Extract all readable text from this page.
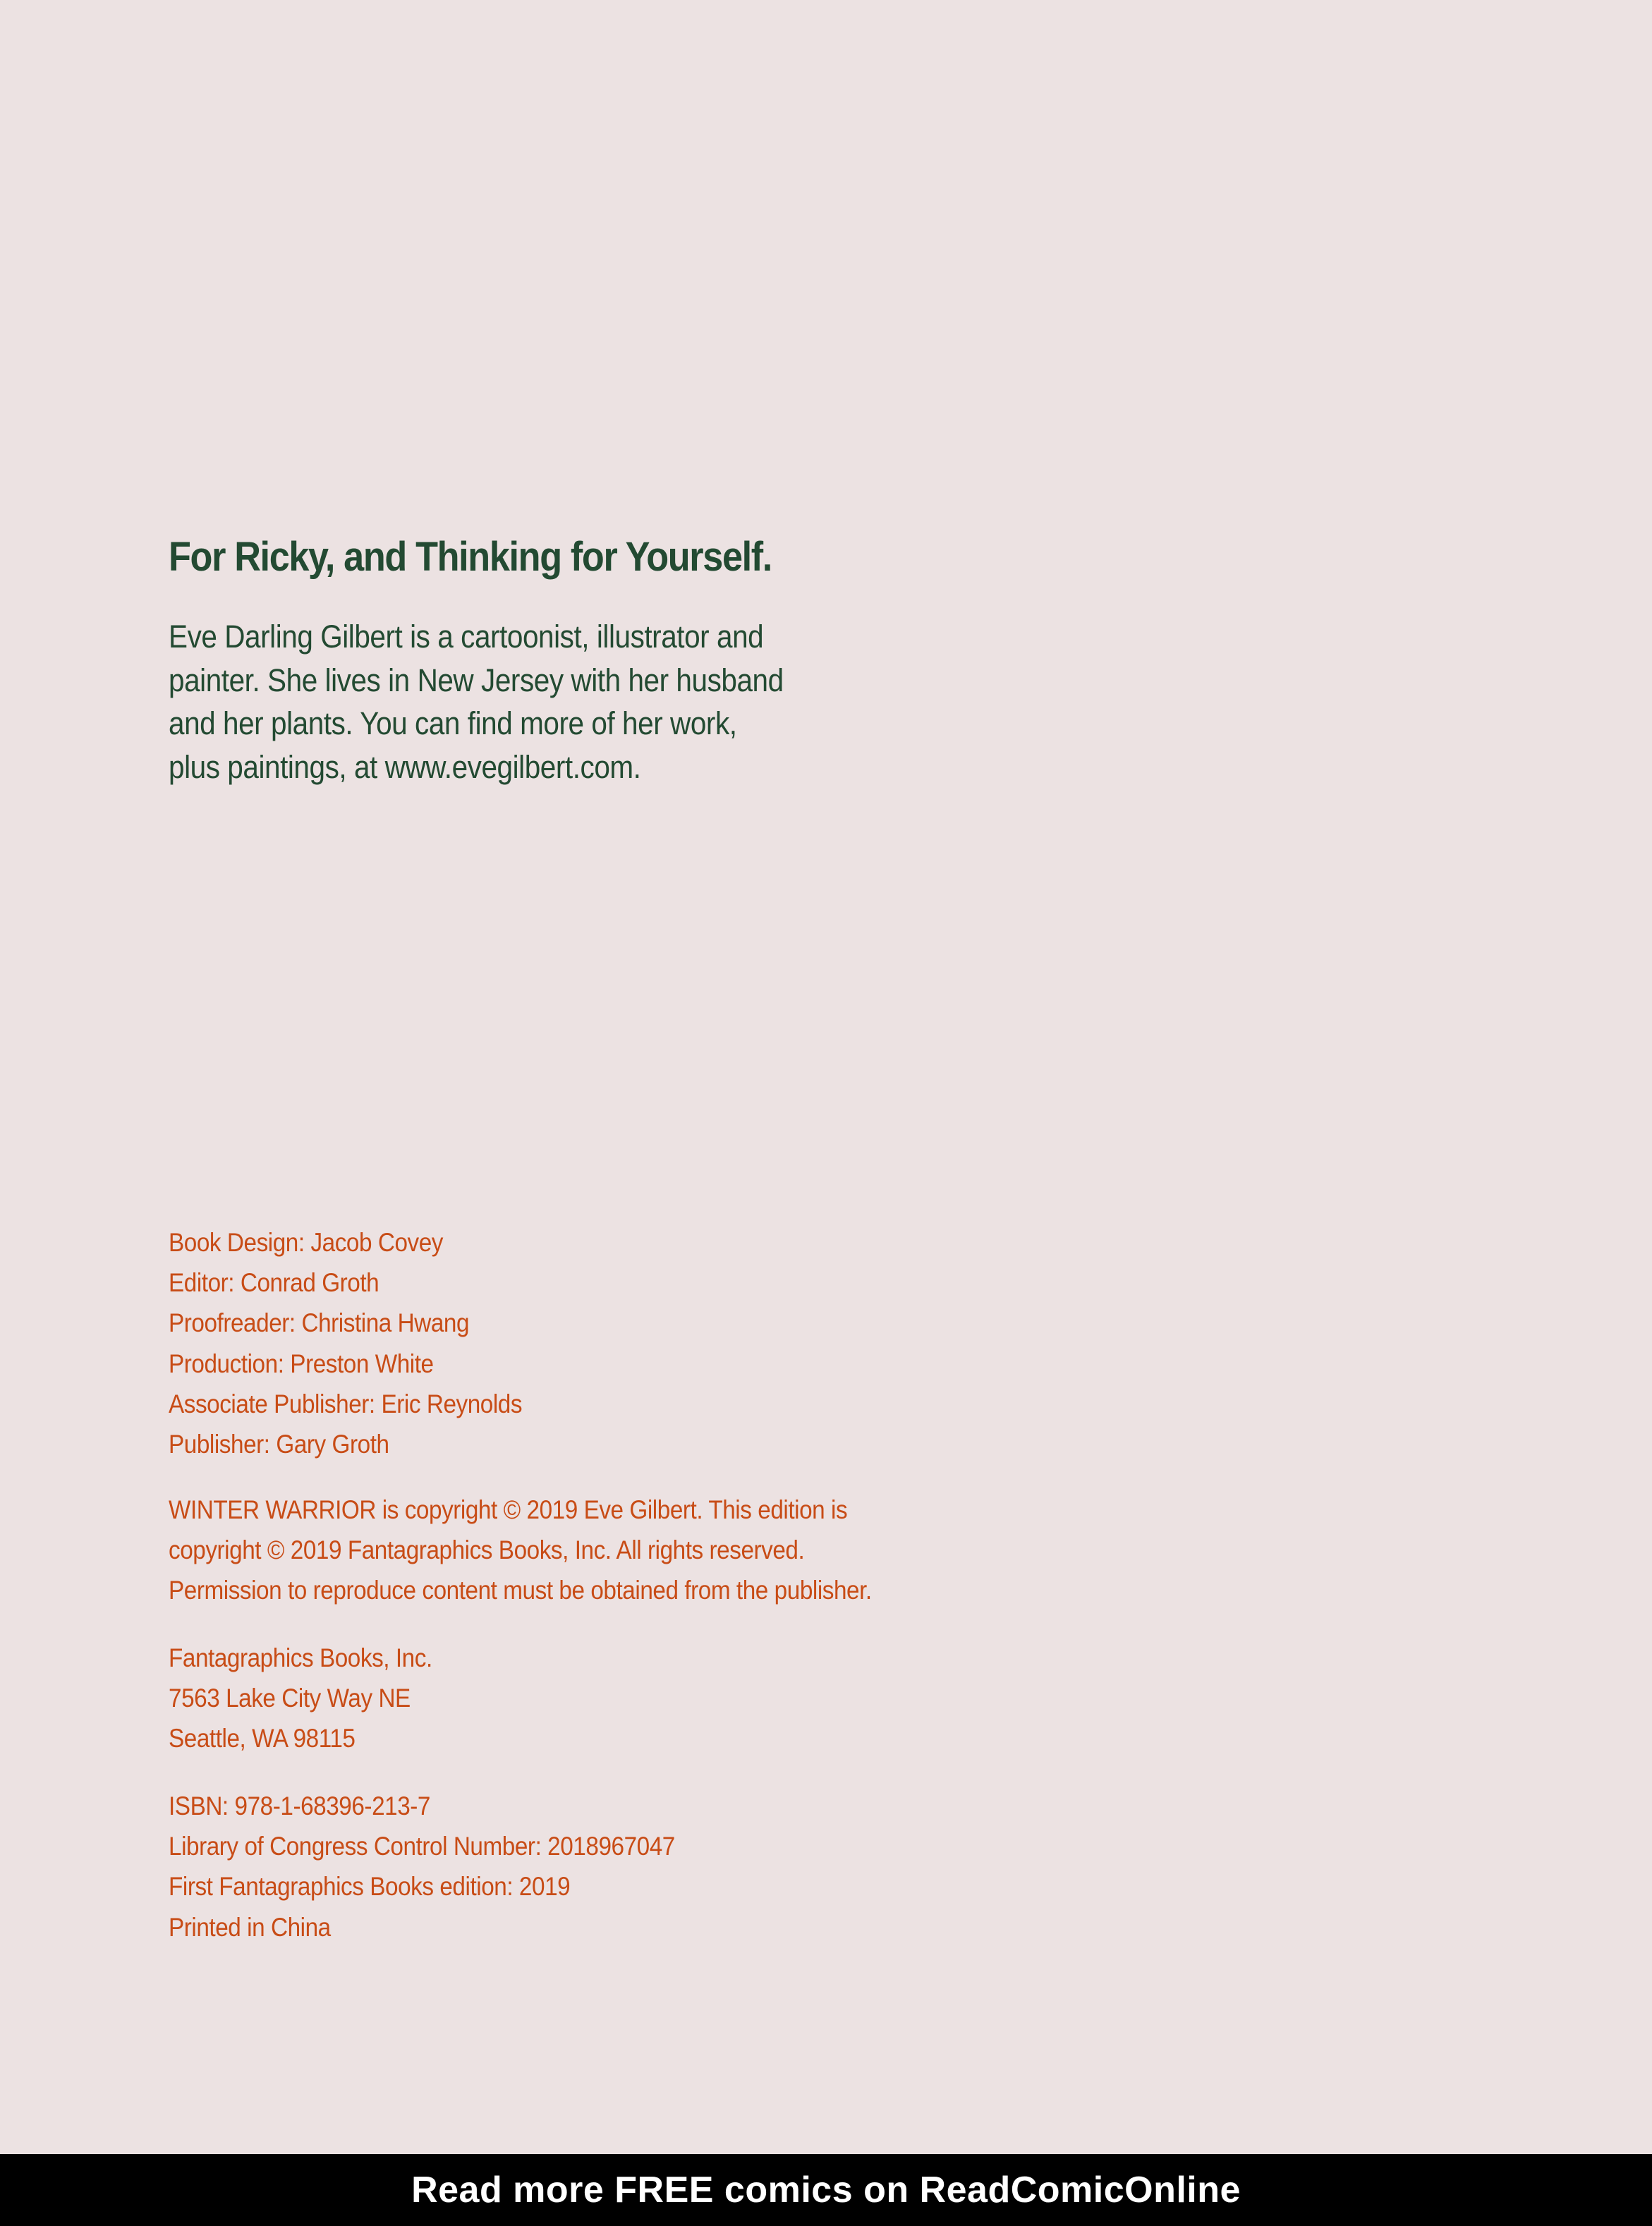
For Ricky, and Thinking for Yourself.
Eve Darling Gilbert is a cartoonist, illustrator and
painter. She lives in New Jersey with her husband
and her plants. You can find more of her work,
plus paintings, at www.evegilbert.com.
Book Design: Jacob Covey
Editor: Conrad Groth
Proofreader: Christina Hwang
Production: Preston White
Associate Publisher: Eric Reynolds
Publisher: Gary Groth
WINTER WARRIOR is copyright © 2019 Eve Gilbert. This edition is
copyright © 2019 Fantagraphics Books, Inc. All rights reserved.
Permission to reproduce content must be obtained from the publisher.
Fantagraphics Books, Inc.
7563 Lake City Way NE
Seattle, WA 98115
ISBN: 978-1-68396-213-7
Library of Congress Control Number: 2018967047
First Fantagraphics Books edition: 2019
Printed in China
Read more FREE comics on ReadComicOnline
